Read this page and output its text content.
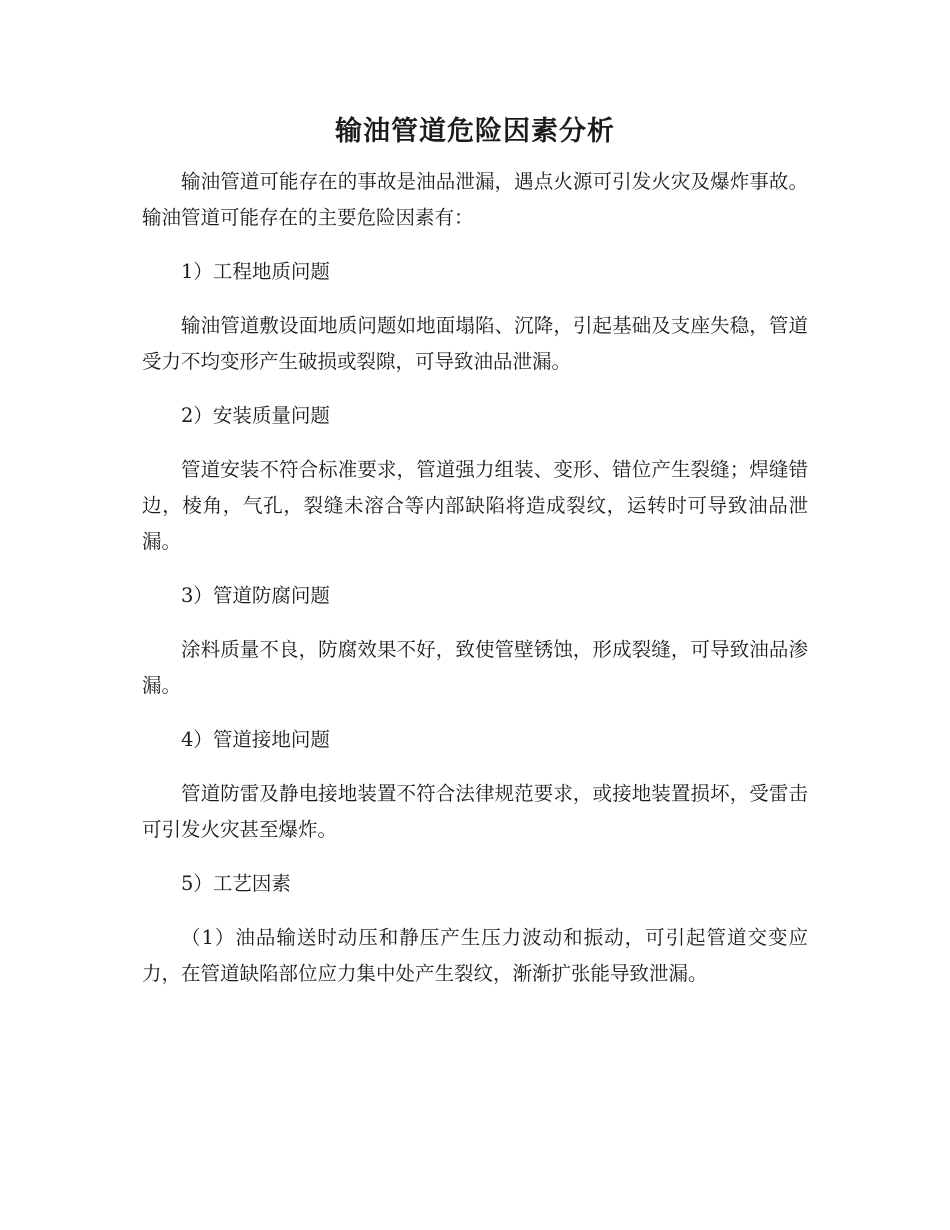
输油管道危险因素分析

输油管道可能存在的事故是油品泄漏，遇点火源可引发火灾及爆炸事故。输油管道可能存在的主要危险因素有：

1）工程地质问题

输油管道敷设面地质问题如地面塌陷、沉降，引起基础及支座失稳，管道受力不均变形产生破损或裂隙，可导致油品泄漏。

2）安装质量问题

管道安装不符合标准要求，管道强力组装、变形、错位产生裂缝；焊缝错边，棱角，气孔，裂缝未溶合等内部缺陷将造成裂纹，运转时可导致油品泄漏。

3）管道防腐问题

涂料质量不良，防腐效果不好，致使管壁锈蚀，形成裂缝，可导致油品渗漏。

4）管道接地问题

管道防雷及静电接地装置不符合法律规范要求，或接地装置损坏，受雷击可引发火灾甚至爆炸。

5）工艺因素

（1）油品输送时动压和静压产生压力波动和振动，可引起管道交变应力，在管道缺陷部位应力集中处产生裂纹，渐渐扩张能导致泄漏。
